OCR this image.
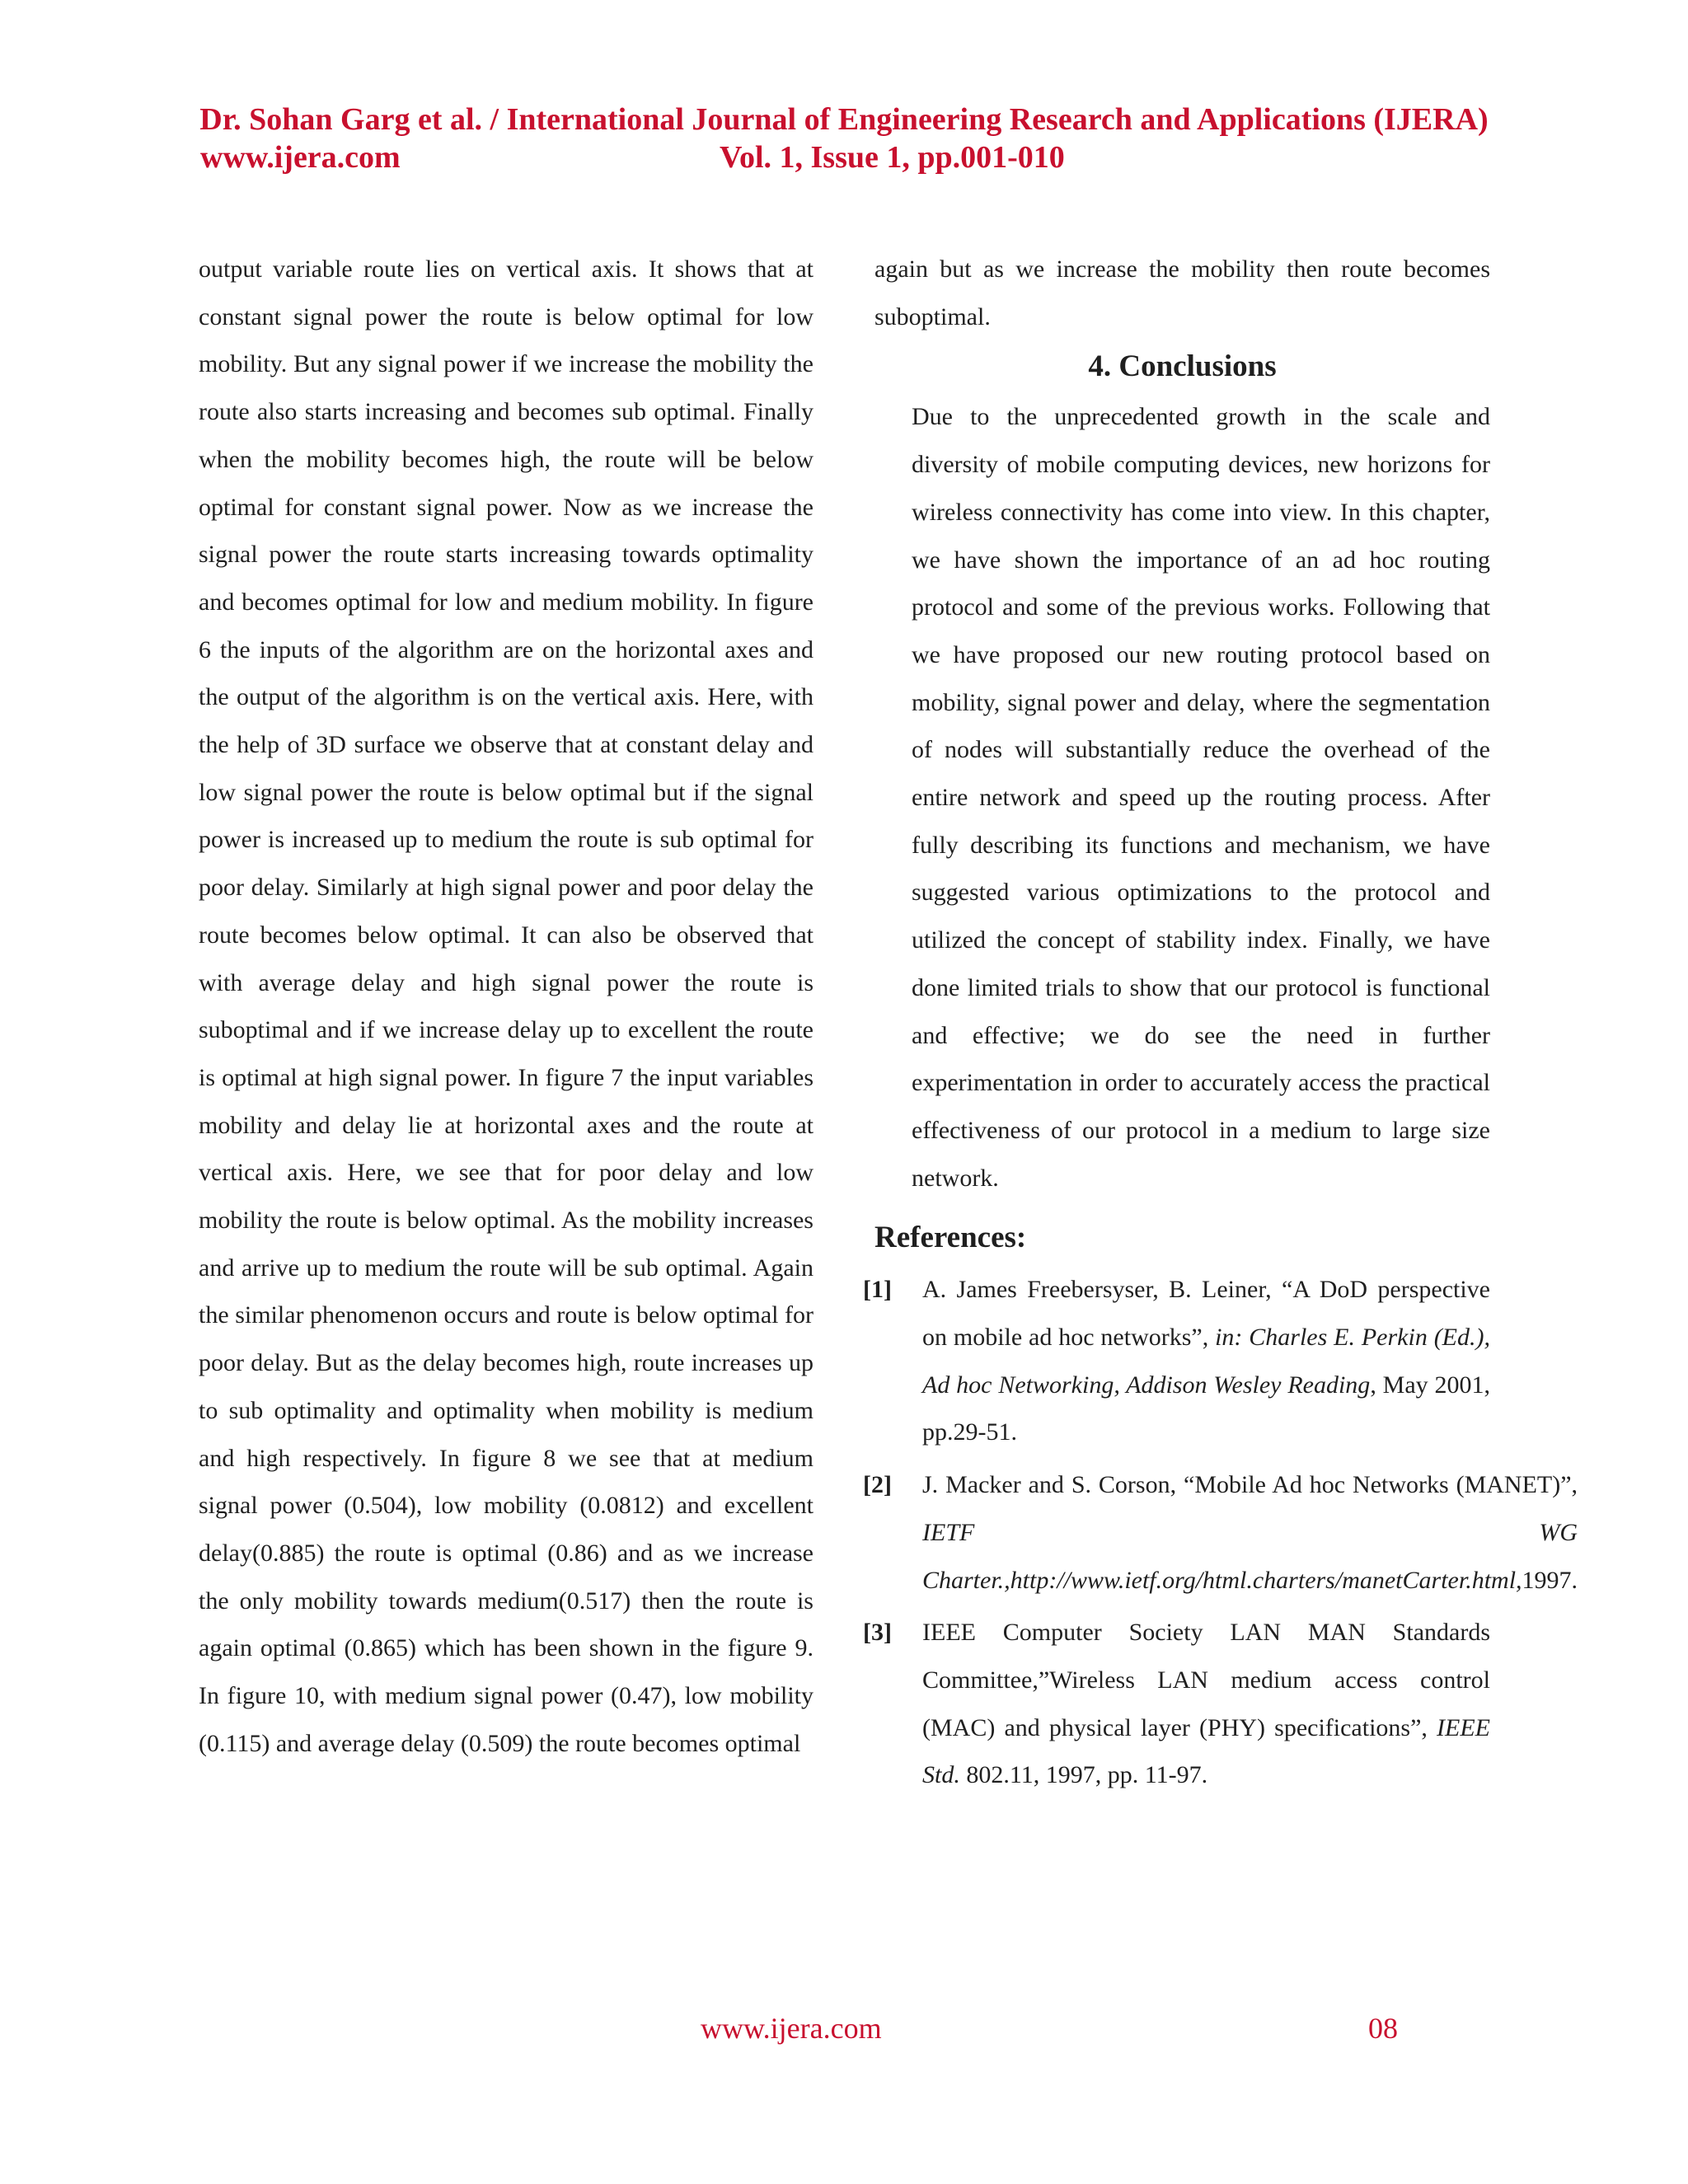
Dr. Sohan Garg et al. / International Journal of Engineering Research and Applications (IJERA)
www.ijera.com	Vol. 1, Issue 1, pp.001-010

output variable route lies on vertical axis. It shows that at constant signal power the route is below optimal for low mobility. But any signal power if we increase the mobility the route also starts increasing and becomes sub optimal. Finally when the mobility becomes high, the route will be below optimal for constant signal power. Now as we increase the signal power the route starts increasing towards optimality and becomes optimal for low and medium mobility. In figure 6 the inputs of the algorithm are on the horizontal axes and the output of the algorithm is on the vertical axis. Here, with the help of 3D surface we observe that at constant delay and low signal power the route is below optimal but if the signal power is increased up to medium the route is sub optimal for poor delay. Similarly at high signal power and poor delay the route becomes below optimal. It can also be observed that with average delay and high signal power the route is suboptimal and if we increase delay up to excellent the route is optimal at high signal power. In figure 7 the input variables mobility and delay lie at horizontal axes and the route at vertical axis. Here, we see that for poor delay and low mobility the route is below optimal. As the mobility increases and arrive up to medium the route will be sub optimal. Again the similar phenomenon occurs and route is below optimal for poor delay. But as the delay becomes high, route increases up to sub optimality and optimality when mobility is medium and high respectively. In figure 8 we see that at medium signal power (0.504), low mobility (0.0812) and excellent delay(0.885) the route is optimal (0.86) and as we increase the only mobility towards medium(0.517) then the route is again optimal (0.865) which has been shown in the figure 9. In figure 10, with medium signal power (0.47), low mobility (0.115) and average delay (0.509) the route becomes optimal

again but as we increase the mobility then route becomes suboptimal.

4. Conclusions

Due to the unprecedented growth in the scale and diversity of mobile computing devices, new horizons for wireless connectivity has come into view. In this chapter, we have shown the importance of an ad hoc routing protocol and some of the previous works. Following that we have proposed our new routing protocol based on mobility, signal power and delay, where the segmentation of nodes will substantially reduce the overhead of the entire network and speed up the routing process. After fully describing its functions and mechanism, we have suggested various optimizations to the protocol and utilized the concept of stability index. Finally, we have done limited trials to show that our protocol is functional and effective; we do see the need in further experimentation in order to accurately access the practical effectiveness of our protocol in a medium to large size network.

References:
[1]	A. James Freebersyser, B. Leiner, “A DoD perspective on mobile ad hoc networks”, in: Charles E. Perkin (Ed.), Ad hoc Networking, Addison Wesley Reading, May 2001, pp.29-51.
[2]	J. Macker and S. Corson, “Mobile Ad hoc Networks (MANET)”, IETF WG Charter.,http://www.ietf.org/html.charters/manetCarter.html,1997.
[3]	IEEE Computer Society LAN MAN Standards Committee,”Wireless LAN medium access control (MAC) and physical layer (PHY) specifications”, IEEE Std. 802.11, 1997, pp. 11-97.
www.ijera.com	08
